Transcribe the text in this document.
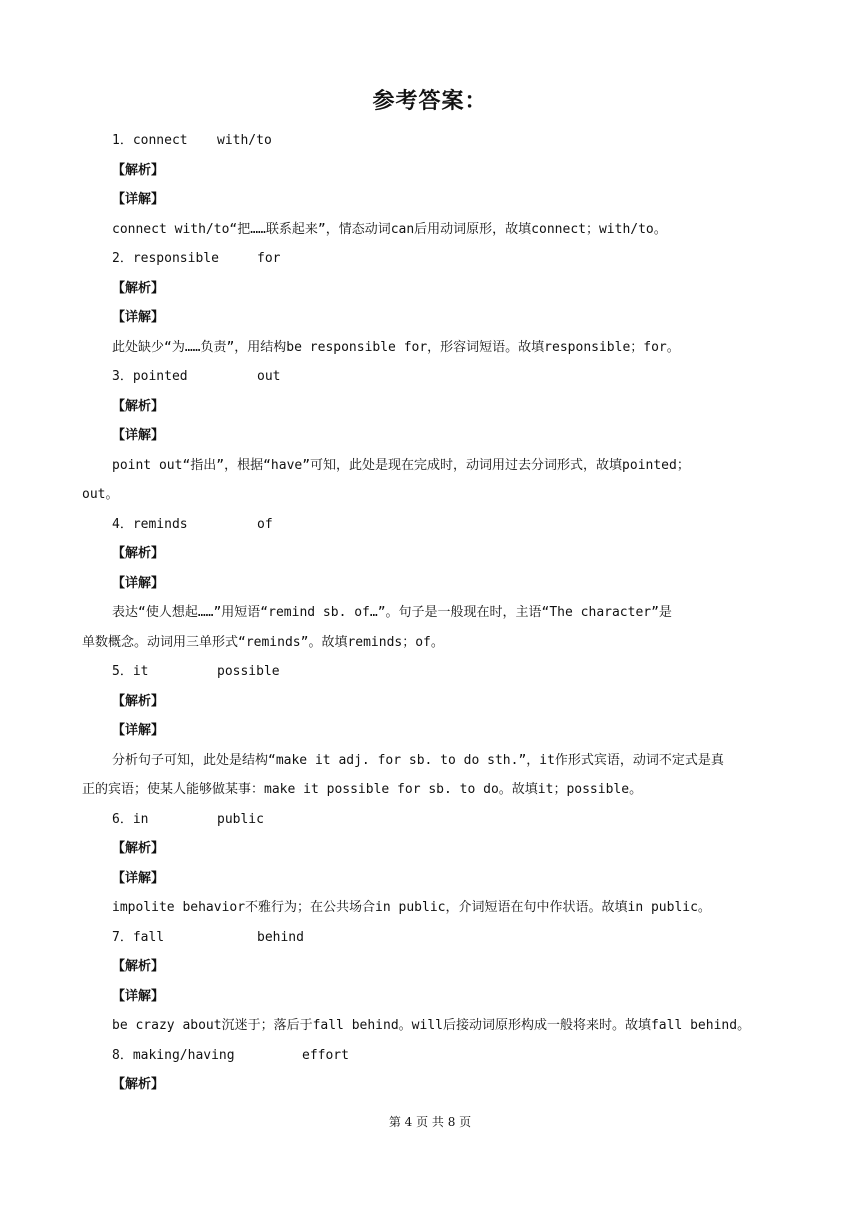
参考答案：
1．connect with/to
【解析】
【详解】
connect with/to“把……联系起来”，情态动词can后用动词原形，故填connect；with/to。
2．responsible	for
【解析】
【详解】
此处缺少“为……负责”，用结构be responsible for，形容词短语。故填responsible；for。
3．pointed	out
【解析】
【详解】
point out“指出”，根据“have”可知，此处是现在完成时，动词用过去分词形式，故填pointed；
out。
4．reminds	of
【解析】
【详解】
表达“使人想起……”用短语“remind sb. of…”。句子是一般现在时，主语“The character”是
单数概念。动词用三单形式“reminds”。故填reminds；of。
5．it	possible
【解析】
【详解】
分析句子可知，此处是结构“make it adj. for sb. to do sth.”，it作形式宾语，动词不定式是真
正的宾语；使某人能够做某事：make it possible for sb. to do。故填it；possible。
6．in	public
【解析】
【详解】
impolite behavior不雅行为；在公共场合in public，介词短语在句中作状语。故填in public。
7．fall	behind
【解析】
【详解】
be crazy about沉迷于；落后于fall behind。will后接动词原形构成一般将来时。故填fall behind。
8．making/having	effort
【解析】
第 4 页 共 8 页
